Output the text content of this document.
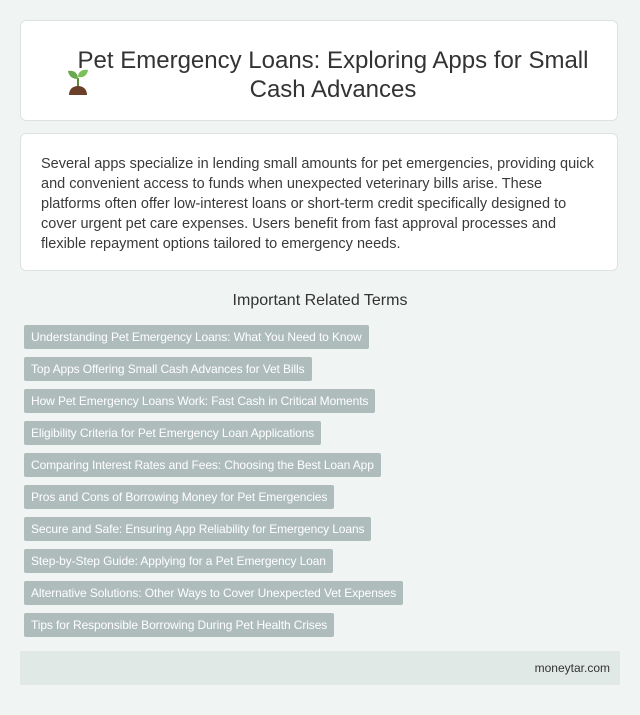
Pet Emergency Loans: Exploring Apps for Small Cash Advances

Several apps specialize in lending small amounts for pet emergencies, providing quick and convenient access to funds when unexpected veterinary bills arise. These platforms often offer low-interest loans or short-term credit specifically designed to cover urgent pet care expenses. Users benefit from fast approval processes and flexible repayment options tailored to emergency needs.

Important Related Terms
Understanding Pet Emergency Loans: What You Need to Know
Top Apps Offering Small Cash Advances for Vet Bills
How Pet Emergency Loans Work: Fast Cash in Critical Moments
Eligibility Criteria for Pet Emergency Loan Applications
Comparing Interest Rates and Fees: Choosing the Best Loan App
Pros and Cons of Borrowing Money for Pet Emergencies
Secure and Safe: Ensuring App Reliability for Emergency Loans
Step-by-Step Guide: Applying for a Pet Emergency Loan
Alternative Solutions: Other Ways to Cover Unexpected Vet Expenses
Tips for Responsible Borrowing During Pet Health Crises
moneytar.com
